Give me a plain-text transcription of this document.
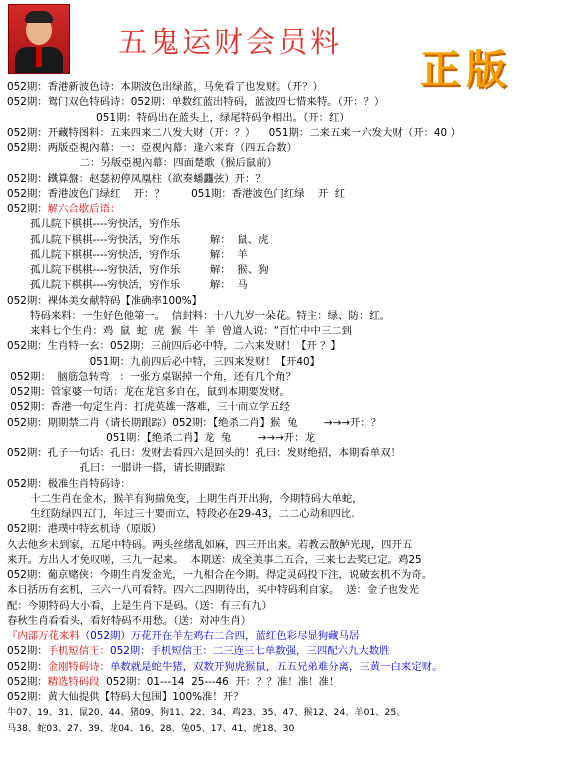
五鬼运财会员料
正版
052期：香港新波色诗：本期波色出绿蓝，马免看了也发财。（开？）
052期：鸳门双色特码诗：052期：单数红蓝出特码，蓝波四七惜来特。（开：？）
051期：特码出在蓝头上，绿尾特码争相出。（开：红）
052期：开藏特图料：五来四来二八发大财（开：？）    051期：二来五来一六发大财（开：40 ）
052期：两版亞視內幕：一：亞視內幕：逢六来育（四五合数）
二：另版亞視內幕：四面楚歌（猴后鼠前）
052期：鐵算盤：赵瑟初停凤凰柱（欲奏蟠龘弦）开：？
052期：香港波色门绿红    开：？        051期：香港波色门红绿    开  红
052期：解六合歇后语：
孤儿院下棋棋----穷快活，穷作乐
孤儿院下棋棋----穷快活，穷作乐         解：  鼠、虎
孤儿院下棋棋----穷快活，穷作乐         解：  羊
孤儿院下棋棋----穷快活，穷作乐         解：  猴、狗
孤儿院下棋棋----穷快活，穷作乐         解：  马
052期：裸体美女献特码【准确率100%】
特码来料：一生好色他第一。  信封料：十八九岁一朵花。特主：绿、防：红。
来料七个生肖：鸡  鼠  蛇  虎  猴  牛  羊  曾道人说：“百忙中中三二到
052期：生肖特一玄：052期：三前四后必中特，二六来发财！【开 ？】
051期：九前四后必中特，三四来发财！【开40】
052期：  脑筋急转弯   ：一张方桌锯掉一个角，还有几个角？
052期：管家婆一句话：龙在龙宫多自在，鼠到本期要发财。
052期：香港一句定生肖：打虎英雄一落难，三十而立学五经
052期：期期禁二肖（请长期跟踪）052期：【绝杀二肖】猴  兔        →→→开：？
051期：【绝杀二肖】龙  兔        →→→开：龙
052期：孔子一句话：孔曰：发财去看四六是回头的！孔曰：发财绝招，本期看单双！
孔曰：一腊讲一搭，请长期跟踪
052期：极准生肖特码诗：
十二生肖在金木，猴羊有狗揣免变，上期生肖开出狗，今期特码大单蛇，
生红防绿四五门，年过三十要而立，特段必在29-43，二二心动和四比.
052期：港璞中特玄机诗（原版）
久去他乡未到家，五尾中特码。两头丝绪乱如麻，四三开出来。若教云散鲈光现，四开五
来开。方出人才免叹嗟，三九一起来。  本期送：成全美事二五合，三来七去奖已定。鸡25
052期：葡京赌侠：今期生肖发金光，一九相合在今期。得定灵码投下注，说破玄机不为奇。
本日括历有玄机，三六一八可看特。四六二四期待出，买中特码利自家。  送：金子也发光
配：今期特码大小看，上是生肖下是码。（送：有三有九）
春秋生肖看看头，看好特码不用愁。（送：对冲生肖）
『内部万花来料（052期）万花开在羊左鸡右二合四，蓝红色彩尽显狗藏马居
052期：手机短信王：052期：手机短信王：二三连三七单数强，三四配六九大数胜
052期：金刚特码诗：单数就是蛇牛猪，双数开狗虎猴鼠，五五兄弟难分离，三黄一白来定财。
052期：精选特码段  052期：01---14  25---46  开：？？准！准！准！
052期：黄大仙提供【特码大包围】100%准！开？
牛07、19、31、鼠20、44、猪09、狗11、22、34、鸡23、35、47、猴12、24、羊01、25、
马38、蛇03、27、39、龙04、16、28、兔05、17、41、虎18、30
